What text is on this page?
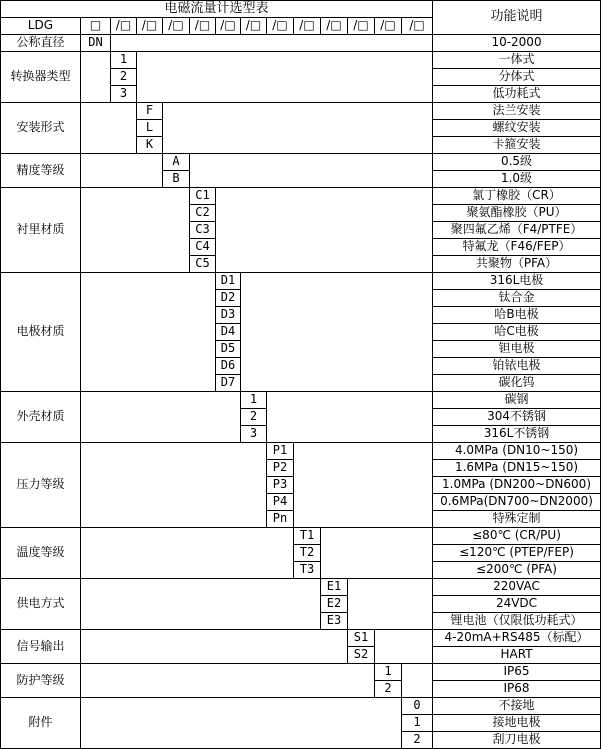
电磁流量计选型表														功能说明
LDG	□	/□	/□	/□	/□	/□	/□	/□	/□	/□	/□	/□	/□	
公称直径	DN													10-2000
转换器类型		1												一体式
		2												分体式
		3												低功耗式
安装形式			F											法兰安装
			L											螺纹安装
			K											卡箍安装
精度等级				A										0.5级
				B										1.0级
衬里材质					C1									氯丁橡胶（CR）
					C2									聚氨酯橡胶（PU）
					C3									聚四氟乙烯（F4/PTFE）
					C4									特氟龙（F46/FEP）
					C5									共聚物（PFA）
电极材质						D1								316L电极
						D2								钛合金
						D3								哈B电极
						D4								哈C电极
						D5								钽电极
						D6								铂铱电极
						D7								碳化钨
外壳材质							1							碳钢
							2							304不锈钢
							3							316L不锈钢
压力等级								P1						4.0MPa (DN10~150)
								P2						1.6MPa (DN15~150)
								P3						1.0MPa (DN200~DN600)
								P4						0.6MPa(DN700~DN2000)
								Pn						特殊定制
温度等级									T1					≤80℃ (CR/PU)
									T2					≤120℃ (PTEP/FEP)
									T3					≤200℃ (PFA)
供电方式										E1				220VAC
										E2				24VDC
										E3				锂电池（仅限低功耗式）
信号输出											S1			4-20mA+RS485（标配）
											S2			HART
防护等级												1		IP65
												2		IP68
附件													0	不接地
													1	接地电极
													2	刮刀电极
